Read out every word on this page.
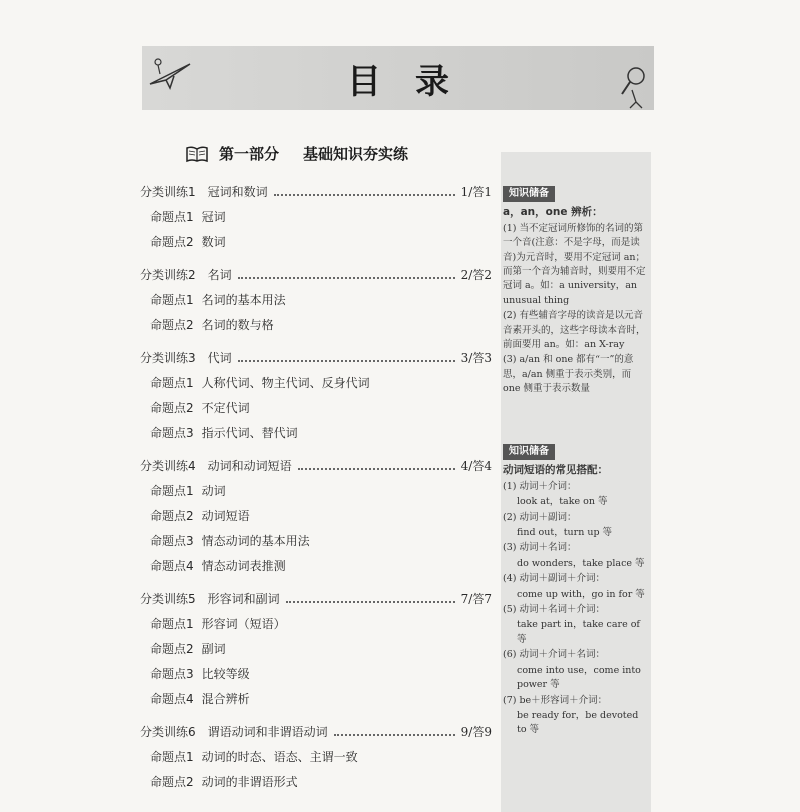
目录
第一部分 基础知识夯实练
分类训练1 冠词和数词	1/答1
命题点1 冠词
命题点2 数词
分类训练2 名词	2/答2
命题点1 名词的基本用法
命题点2 名词的数与格
分类训练3 代词	3/答3
命题点1 人称代词、物主代词、反身代词
命题点2 不定代词
命题点3 指示代词、替代词
分类训练4 动词和动词短语	4/答4
命题点1 动词
命题点2 动词短语
命题点3 情态动词的基本用法
命题点4 情态动词表推测
分类训练5 形容词和副词	7/答7
命题点1 形容词（短语）
命题点2 副词
命题点3 比较等级
命题点4 混合辨析
分类训练6 谓语动词和非谓语动词	9/答9
命题点1 动词的时态、语态、主谓一致
命题点2 动词的非谓语形式
知识储备
a，an，one 辨析：

(1) 当不定冠词所修饰的名词的第一个音(注意：不是字母，而是读音)为元音时，要用不定冠词 an；而第一个音为辅音时，则要用不定冠词 a。如：a university，an unusual thing

(2) 有些辅音字母的读音是以元音音素开头的，这些字母读本音时，前面要用 an。如：an X-ray

(3) a/an 和 one 都有“一”的意思，a/an 侧重于表示类别，而 one 侧重于表示数量

知识储备
动词短语的常见搭配：

(1) 动词＋介词：

look at，take on 等

(2) 动词＋副词：

find out，turn up 等

(3) 动词＋名词：

do wonders，take place 等

(4) 动词＋副词＋介词：

come up with，go in for 等

(5) 动词＋名词＋介词：

take part in，take care of 等

(6) 动词＋介词＋名词：

come into use，come into power 等

(7) be＋形容词＋介词：

be ready for，be devoted to 等
